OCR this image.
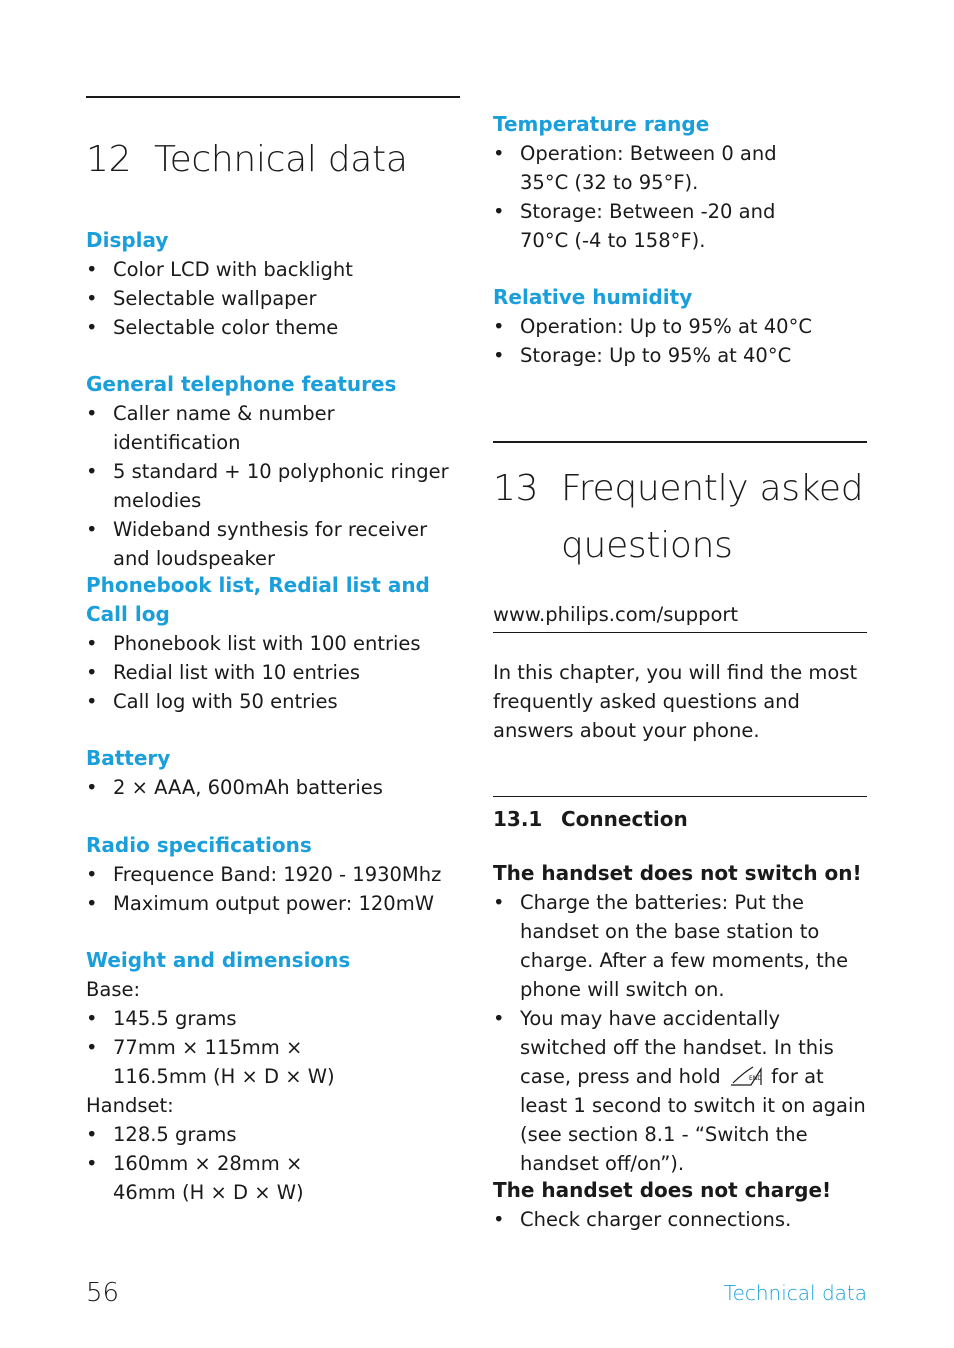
12 Technical data

Display

• Color LCD with backlight
• Selectable wallpaper
• Selectable color theme

General telephone features

• Caller name & number identification
• 5 standard + 10 polyphonic ringer melodies
• Wideband synthesis for receiver and loudspeaker

Phonebook list, Redial list and Call log

• Phonebook list with 100 entries
• Redial list with 10 entries
• Call log with 50 entries

Battery

• 2 × AAA, 600mAh batteries

Radio specifications

• Frequence Band: 1920 - 1930Mhz
• Maximum output power: 120mW

Weight and dimensions

Base:

• 145.5 grams
• 77mm × 115mm × 116.5mm (H × D × W)

Handset:

• 128.5 grams
• 160mm × 28mm × 46mm (H × D × W)

Temperature range

• Operation: Between 0 and 35°C (32 to 95°F).
• Storage: Between -20 and 70°C (-4 to 158°F).

Relative humidity

• Operation: Up to 95% at 40°C
• Storage: Up to 95% at 40°C
13 Frequently asked
questions

www.philips.com/support

In this chapter, you will find the most frequently asked questions and answers about your phone.

13.1 Connection

The handset does not switch on!

• Charge the batteries: Put the handset on the base station to charge. After a few moments, the phone will switch on.
• You may have accidentally switched off the handset. In this case, press and hold	END for at least 1 second to switch it on again (see section 8.1 - “Switch the handset off/on”).

The handset does not charge!

• Check charger connections.
56	Technical data
